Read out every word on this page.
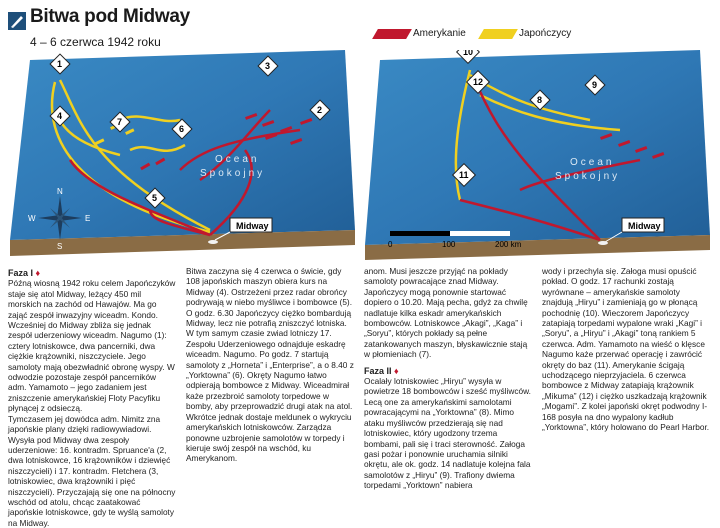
Bitwa pod Midway
4 – 6 czerwca 1942 roku
Amerykanie	Japończycy
Ocean
Spokojny
Midway
N
S
E
W
1
2
3
4
5
6
7
Ocean
Spokojny
Midway
0	100	200 km
8
9
10
11
12

Faza I ♦

Późną wiosną 1942 roku celem Japończyków staje się atol Midway, leżący 450 mil morskich na zachód od Hawajów. Ma go zająć zespół inwazyjny wiceadm. Kondo. Wcześniej do Midway zbliża się jednak zespół uderzeniowy wiceadm. Nagumo (1): cztery lotniskowce, dwa pancerniki, dwa ciężkie krążowniki, niszczyciele. Jego samoloty mają obezwładnić obronę wyspy. W odwodzie pozostaje zespół pancerników adm. Yamamoto – jego zadaniem jest zniszczenie amerykańskiej Floty Pacyfiku płynącej z odsieczą.

Tymczasem jej dowódca adm. Nimitz zna japońskie plany dzięki radiowywiadowi. Wysyła pod Midway dwa zespoły uderzeniowe: 16. kontradm. Spruance'a (2, dwa lotniskowce, 16 krążowników i dziewięć niszczycieli) i 17. kontradm. Fletchera (3, lotniskowiec, dwa krążowniki i pięć niszczycieli). Przyczajają się one na północny wschód od atolu, chcąc zaatakować japońskie lotniskowce, gdy te wyślą samoloty na Midway.

Bitwa zaczyna się 4 czerwca o świcie, gdy 108 japońskich maszyn obiera kurs na Midway (4). Ostrzeżeni przez radar obrońcy podrywają w niebo myśliwce i bombowce (5). O godz. 6.30 Japończycy ciężko bombardują Midway, lecz nie potrafią zniszczyć lotniska. W tym samym czasie zwiad lotniczy 17. Zespołu Uderzeniowego odnajduje eskadrę wiceadm. Nagumo. Po godz. 7 startują samoloty z „Horneta” i „Enterprise”, a o 8.40 z „Yorktowna” (6). Okręty Nagumo łatwo odpierają bombowce z Midway. Wiceadmirał każe przezbroić samoloty torpedowe w bomby, aby przeprowadzić drugi atak na atol. Wkrótce jednak dostaje meldunek o wykryciu amerykańskich lotniskowców. Zarządza ponowne uzbrojenie samolotów w torpedy i kieruje swój zespół na wschód, ku Amerykanom.

anom. Musi jeszcze przyjąć na pokłady samoloty powracające znad Midway. Japończycy mogą ponownie startować dopiero o 10.20. Mają pecha, gdyż za chwilę nadlatuje kilka eskadr amerykańskich bombowców. Lotniskowce „Akagi”, „Kaga” i „Soryu”, których pokłady są pełne zatankowanych maszyn, błyskawicznie stają w płomieniach (7).

Faza II ♦

Ocalały lotniskowiec „Hiryu” wysyła w powietrze 18 bombowców i sześć myśliwców. Lecą one za amerykańskimi samolotami powracającymi na „Yorktowna” (8). Mimo ataku myśliwców przedzierają się nad lotniskowiec, który ugodzony trzema bombami, pali się i traci sterowność. Załoga gasi pożar i ponownie uruchamia silniki okrętu, ale ok. godz. 14 nadlatuje kolejna fala samolotów z „Hiryu” (9). Trafiony dwiema torpedami „Yorktown” nabiera

wody i przechyla się. Załoga musi opuścić pokład. O godz. 17 rachunki zostają wyrównane – amerykańskie samoloty znajdują „Hiryu” i zamieniają go w płonącą pochodnię (10). Wieczorem Japończycy zatapiają torpedami wypalone wraki „Kagi” i „Soryu”, a „Hiryu” i „Akagi” toną rankiem 5 czerwca. Adm. Yamamoto na wieść o klęsce Nagumo każe przerwać operację i zawrócić okręty do baz (11). Amerykanie ścigają uchodzącego nieprzyjaciela. 6 czerwca bombowce z Midway zatapiają krążownik „Mikuma” (12) i ciężko uszkadzają krążownik „Mogami”. Z kolei japoński okręt podwodny I-168 posyła na dno wypalony kadłub „Yorktowna”, który holowano do Pearl Harbor.
